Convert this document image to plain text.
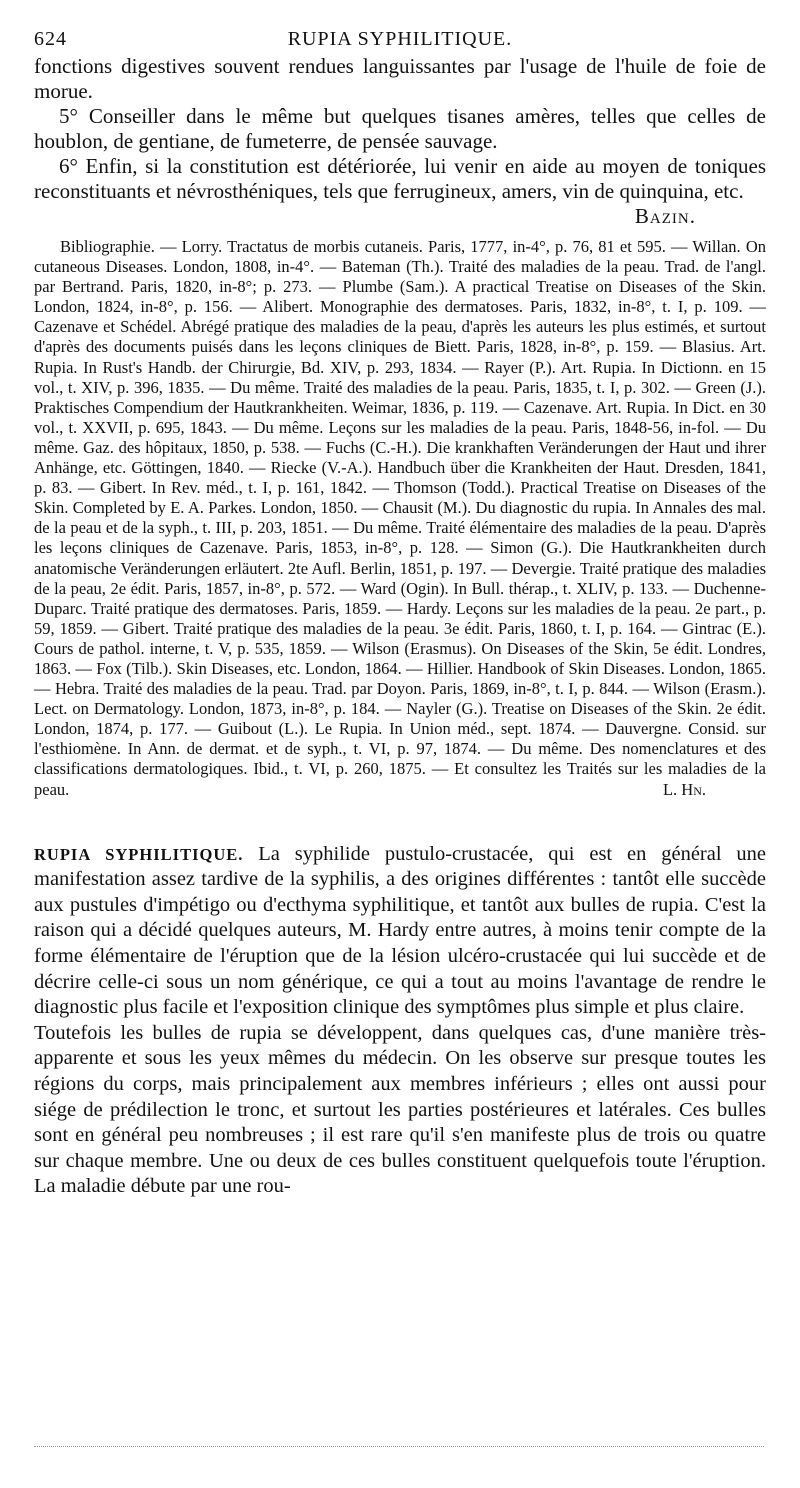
624	RUPIA SYPHILITIQUE.

fonctions digestives souvent rendues languissantes par l'usage de l'huile de foie de morue.

5° Conseiller dans le même but quelques tisanes amères, telles que celles de houblon, de gentiane, de fumeterre, de pensée sauvage.

6° Enfin, si la constitution est détériorée, lui venir en aide au moyen de toniques reconstituants et névrosthéniques, tels que ferrugineux, amers, vin de quinquina, etc.
Bazin.

Bibliographie. — Lorry. Tractatus de morbis cutaneis. Paris, 1777, in-4°, p. 76, 81 et 595. — Willan. On cutaneous Diseases. London, 1808, in-4°. — Bateman (Th.). Traité des maladies de la peau. Trad. de l'angl. par Bertrand. Paris, 1820, in-8°; p. 273. — Plumbe (Sam.). A practical Treatise on Diseases of the Skin. London, 1824, in-8°, p. 156. — Alibert. Monographie des dermatoses. Paris, 1832, in-8°, t. I, p. 109. — Cazenave et Schédel. Abrégé pratique des maladies de la peau, d'après les auteurs les plus estimés, et surtout d'après des documents puisés dans les leçons cliniques de Biett. Paris, 1828, in-8°, p. 159. — Blasius. Art. Rupia. In Rust's Handb. der Chirurgie, Bd. XIV, p. 293, 1834. — Rayer (P.). Art. Rupia. In Dictionn. en 15 vol., t. XIV, p. 396, 1835. — Du même. Traité des maladies de la peau. Paris, 1835, t. I, p. 302. — Green (J.). Praktisches Compendium der Hautkrankheiten. Weimar, 1836, p. 119. — Cazenave. Art. Rupia. In Dict. en 30 vol., t. XXVII, p. 695, 1843. — Du même. Leçons sur les maladies de la peau. Paris, 1848-56, in-fol. — Du même. Gaz. des hôpitaux, 1850, p. 538. — Fuchs (C.-H.). Die krankhaften Veränderungen der Haut und ihrer Anhänge, etc. Göttingen, 1840. — Riecke (V.-A.). Handbuch über die Krankheiten der Haut. Dresden, 1841, p. 83. — Gibert. In Rev. méd., t. I, p. 161, 1842. — Thomson (Todd.). Practical Treatise on Diseases of the Skin. Completed by E. A. Parkes. London, 1850. — Chausit (M.). Du diagnostic du rupia. In Annales des mal. de la peau et de la syph., t. III, p. 203, 1851. — Du même. Traité élémentaire des maladies de la peau. D'après les leçons cliniques de Cazenave. Paris, 1853, in-8°, p. 128. — Simon (G.). Die Hautkrankheiten durch anatomische Veränderungen erläutert. 2te Aufl. Berlin, 1851, p. 197. — Devergie. Traité pratique des maladies de la peau, 2e édit. Paris, 1857, in-8°, p. 572. — Ward (Ogin). In Bull. thérap., t. XLIV, p. 133. — Duchenne-Duparc. Traité pratique des dermatoses. Paris, 1859. — Hardy. Leçons sur les maladies de la peau. 2e part., p. 59, 1859. — Gibert. Traité pratique des maladies de la peau. 3e édit. Paris, 1860, t. I, p. 164. — Gintrac (E.). Cours de pathol. interne, t. V, p. 535, 1859. — Wilson (Erasmus). On Diseases of the Skin, 5e édit. Londres, 1863. — Fox (Tilb.). Skin Diseases, etc. London, 1864. — Hillier. Handbook of Skin Diseases. London, 1865. — Hebra. Traité des maladies de la peau. Trad. par Doyon. Paris, 1869, in-8°, t. I, p. 844. — Wilson (Erasm.). Lect. on Dermatology. London, 1873, in-8°, p. 184. — Nayler (G.). Treatise on Diseases of the Skin. 2e édit. London, 1874, p. 177. — Guibout (L.). Le Rupia. In Union méd., sept. 1874. — Dauvergne. Consid. sur l'esthiomène. In Ann. de dermat. et de syph., t. VI, p. 97, 1874. — Du même. Des nomenclatures et des classifications dermatologiques. Ibid., t. VI, p. 260, 1875. — Et consultez les Traités sur les maladies de la peau.	L. Hn.

RUPIA SYPHILITIQUE. La syphilide pustulo-crustacée, qui est en général une manifestation assez tardive de la syphilis, a des origines différentes : tantôt elle succède aux pustules d'impétigo ou d'ecthyma syphilitique, et tantôt aux bulles de rupia. C'est la raison qui a décidé quelques auteurs, M. Hardy entre autres, à moins tenir compte de la forme élémentaire de l'éruption que de la lésion ulcéro-crustacée qui lui succède et de décrire celle-ci sous un nom générique, ce qui a tout au moins l'avantage de rendre le diagnostic plus facile et l'exposition clinique des symptômes plus simple et plus claire.

Toutefois les bulles de rupia se développent, dans quelques cas, d'une manière très-apparente et sous les yeux mêmes du médecin. On les observe sur presque toutes les régions du corps, mais principalement aux membres inférieurs ; elles ont aussi pour siége de prédilection le tronc, et surtout les parties postérieures et latérales. Ces bulles sont en général peu nombreuses ; il est rare qu'il s'en manifeste plus de trois ou quatre sur chaque membre. Une ou deux de ces bulles constituent quelquefois toute l'éruption. La maladie débute par une rou-
